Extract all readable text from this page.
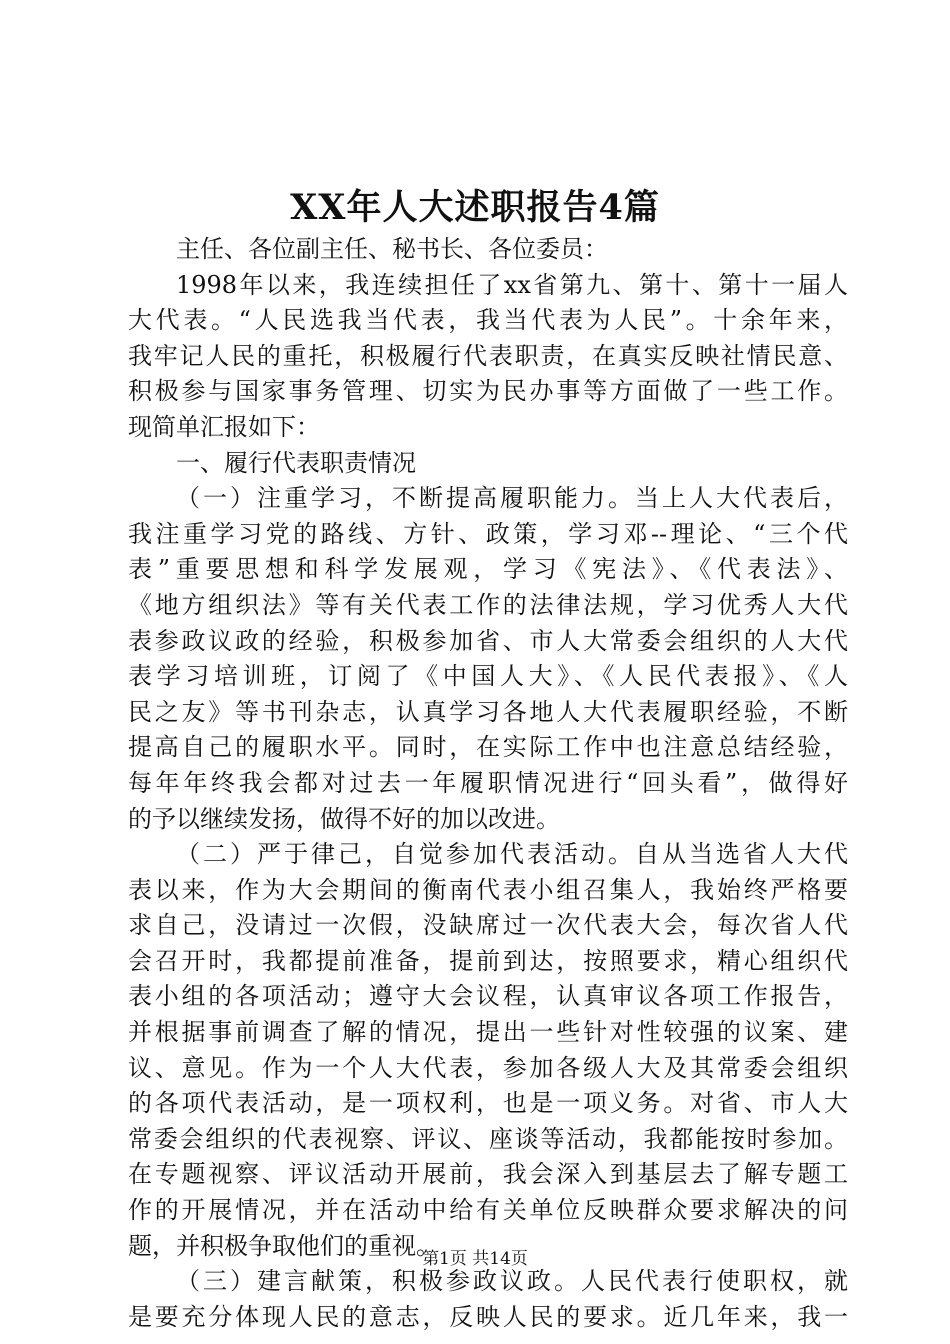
XX年人大述职报告4篇
主任、各位副主任、秘书长、各位委员：
1998年以来，我连续担任了xx省第九、第十、第十一届人
大代表。“人民选我当代表，我当代表为人民”。十余年来，
我牢记人民的重托，积极履行代表职责，在真实反映社情民意、
积极参与国家事务管理、切实为民办事等方面做了一些工作。
现简单汇报如下：
一、履行代表职责情况
（一）注重学习，不断提高履职能力。当上人大代表后，
我注重学习党的路线、方针、政策，学习邓--理论、“三个代
表”重要思想和科学发展观，学习《宪法》、《代表法》、
《地方组织法》等有关代表工作的法律法规，学习优秀人大代
表参政议政的经验，积极参加省、市人大常委会组织的人大代
表学习培训班，订阅了《中国人大》、《人民代表报》、《人
民之友》等书刊杂志，认真学习各地人大代表履职经验，不断
提高自己的履职水平。同时，在实际工作中也注意总结经验，
每年年终我会都对过去一年履职情况进行“回头看”，做得好
的予以继续发扬，做得不好的加以改进。
（二）严于律己，自觉参加代表活动。自从当选省人大代
表以来，作为大会期间的衡南代表小组召集人，我始终严格要
求自己，没请过一次假，没缺席过一次代表大会，每次省人代
会召开时，我都提前准备，提前到达，按照要求，精心组织代
表小组的各项活动；遵守大会议程，认真审议各项工作报告，
并根据事前调查了解的情况，提出一些针对性较强的议案、建
议、意见。作为一个人大代表，参加各级人大及其常委会组织
的各项代表活动，是一项权利，也是一项义务。对省、市人大
常委会组织的代表视察、评议、座谈等活动，我都能按时参加。
在专题视察、评议活动开展前，我会深入到基层去了解专题工
作的开展情况，并在活动中给有关单位反映群众要求解决的问
题，并积极争取他们的重视。
（三）建言献策，积极参政议政。人民代表行使职权，就
是要充分体现人民的意志，反映人民的要求。近几年来，我一
第1页 共14页
